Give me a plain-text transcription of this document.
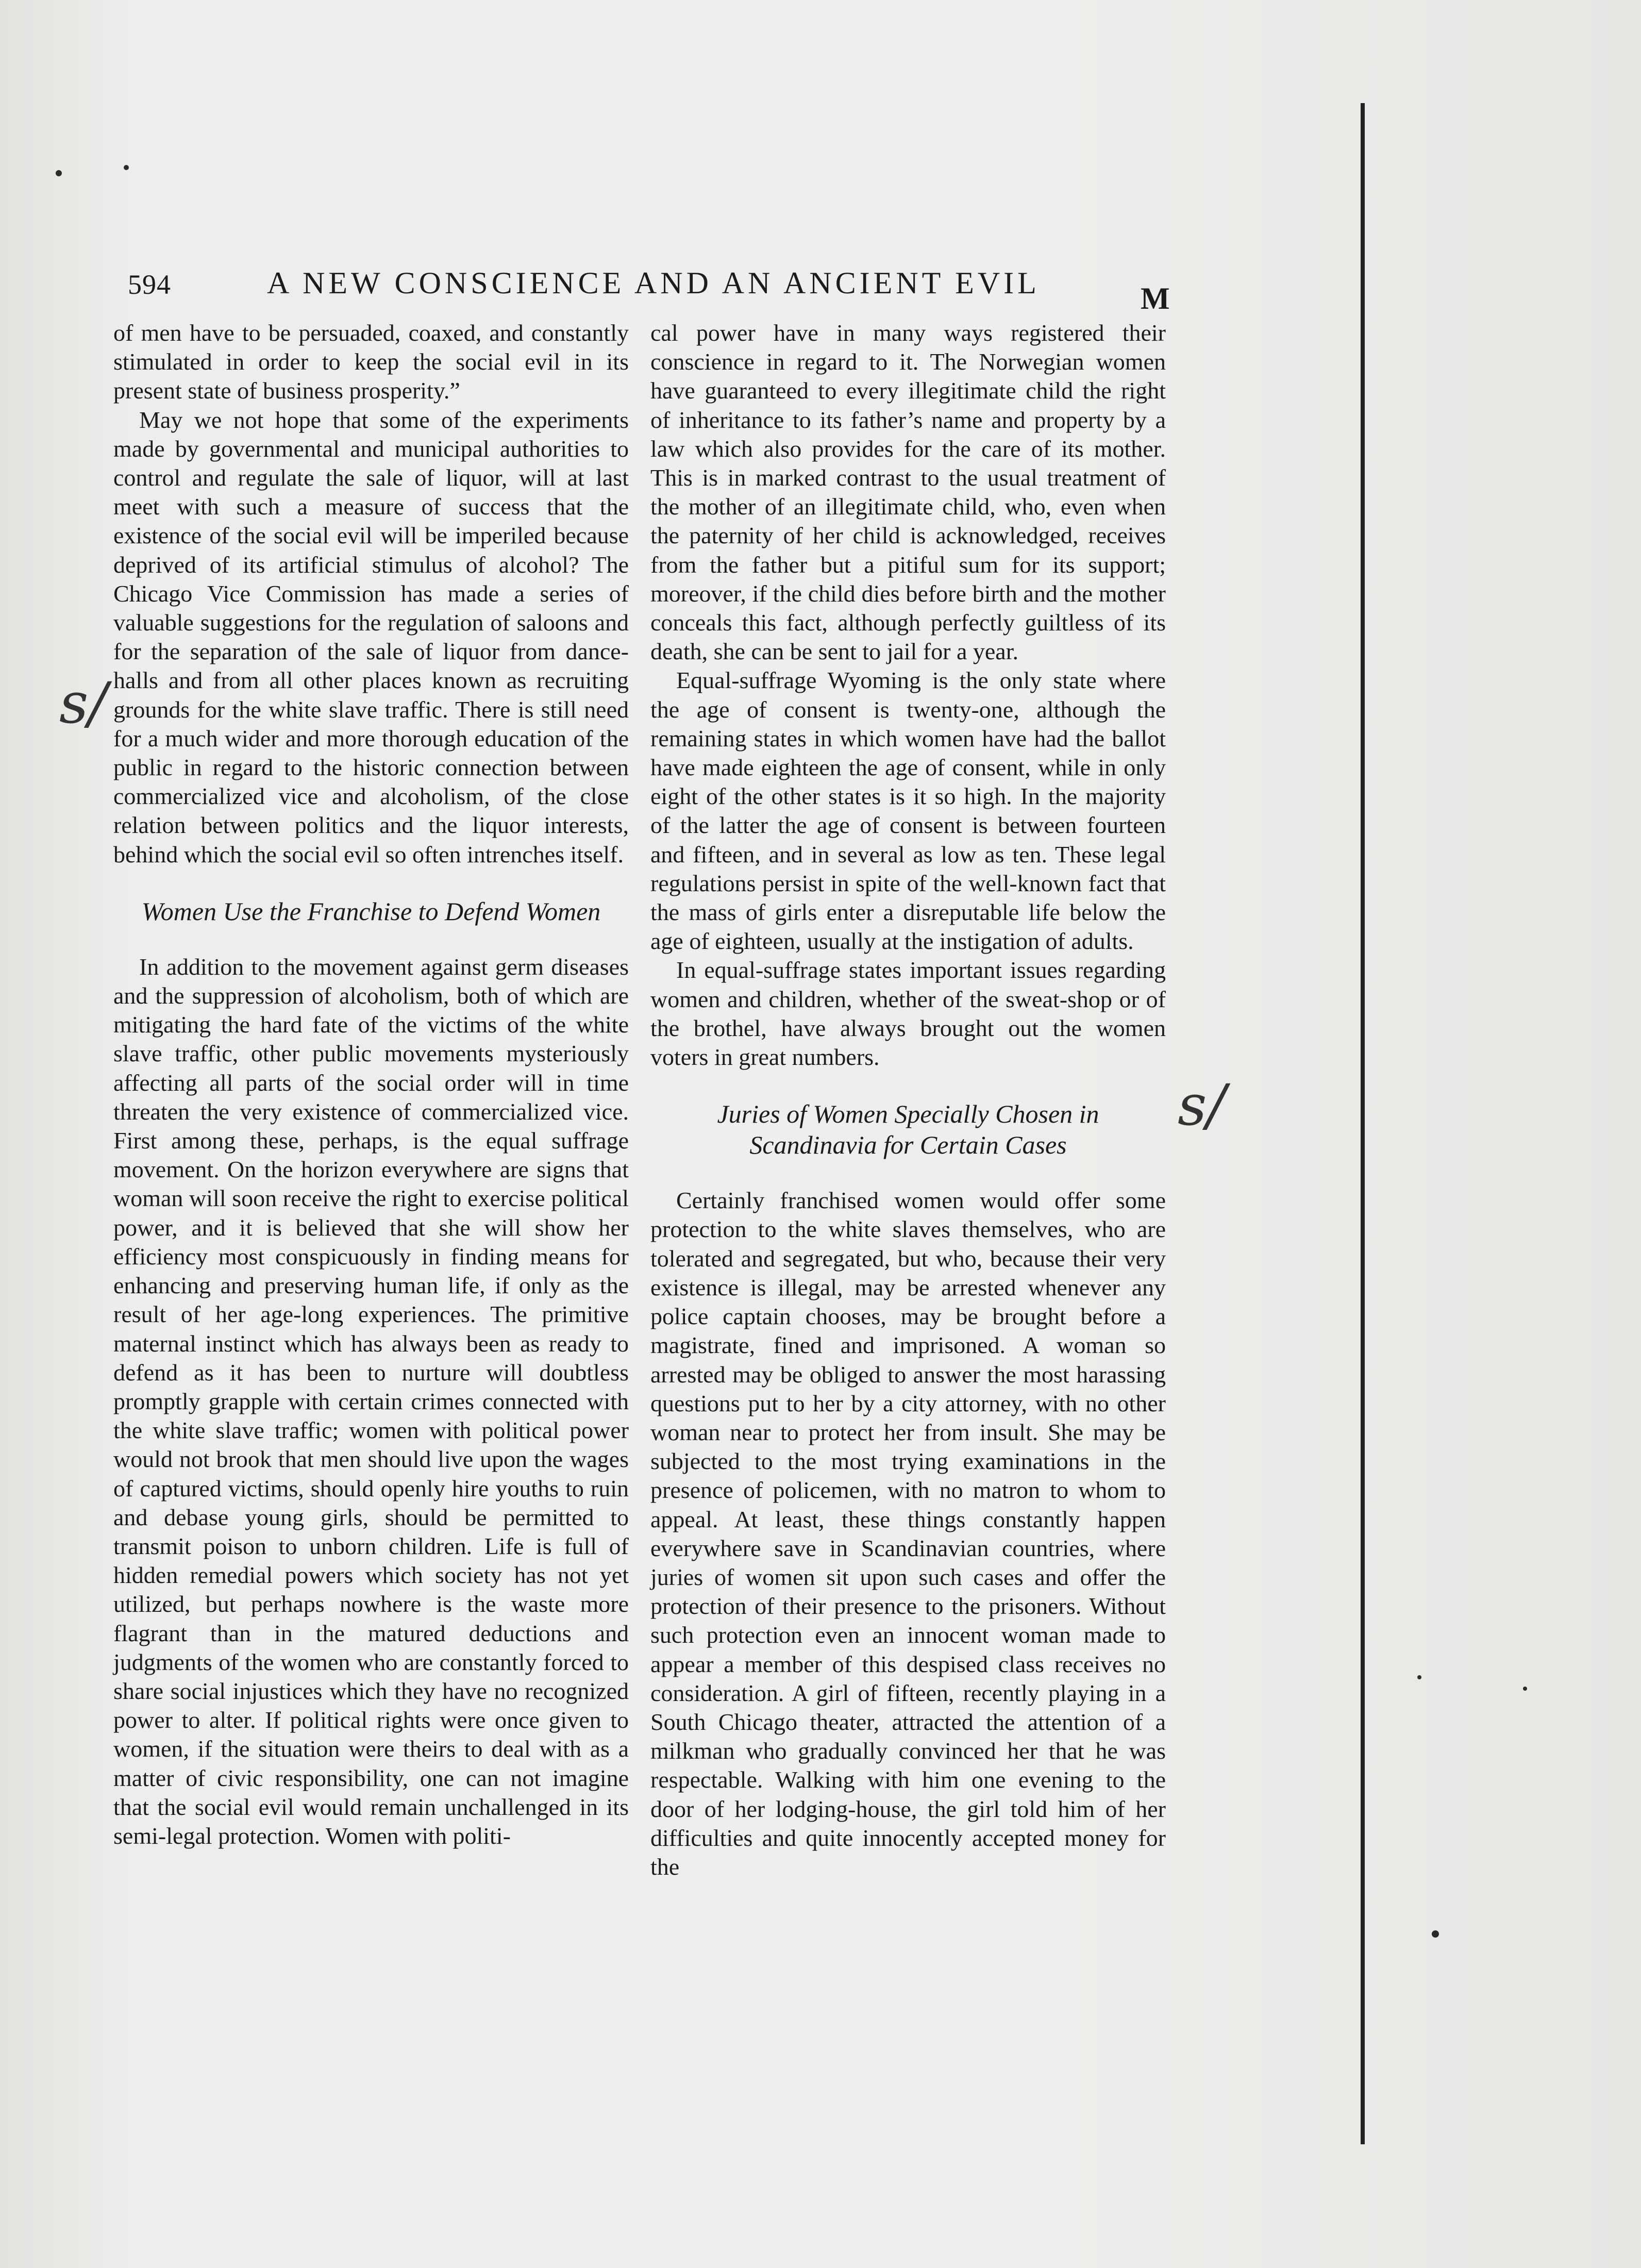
594	A NEW CONSCIENCE AND AN ANCIENT EVIL	M

of men have to be persuaded, coaxed, and constantly stimulated in order to keep the social evil in its present state of business prosperity.”

May we not hope that some of the experiments made by governmental and municipal authorities to control and regulate the sale of liquor, will at last meet with such a measure of success that the existence of the social evil will be imperiled because deprived of its artificial stimulus of alcohol? The Chicago Vice Commission has made a series of valuable suggestions for the regulation of saloons and for the separation of the sale of liquor from dance-halls and from all other places known as recruiting grounds for the white slave traffic. There is still need for a much wider and more thorough education of the public in regard to the historic connection between commercialized vice and alcoholism, of the close relation between politics and the liquor interests, behind which the social evil so often intrenches itself.

Women Use the Franchise to Defend Women

In addition to the movement against germ diseases and the suppression of alcoholism, both of which are mitigating the hard fate of the victims of the white slave traffic, other public movements mysteriously affecting all parts of the social order will in time threaten the very existence of commercialized vice. First among these, perhaps, is the equal suffrage movement. On the horizon everywhere are signs that woman will soon receive the right to exercise political power, and it is believed that she will show her efficiency most conspicuously in finding means for enhancing and preserving human life, if only as the result of her age-long experiences. The primitive maternal instinct which has always been as ready to defend as it has been to nurture will doubtless promptly grapple with certain crimes connected with the white slave traffic; women with political power would not brook that men should live upon the wages of captured victims, should openly hire youths to ruin and debase young girls, should be permitted to transmit poison to unborn children. Life is full of hidden remedial powers which society has not yet utilized, but perhaps nowhere is the waste more flagrant than in the matured deductions and judgments of the women who are constantly forced to share social injustices which they have no recognized power to alter. If political rights were once given to women, if the situation were theirs to deal with as a matter of civic responsibility, one can not imagine that the social evil would remain unchallenged in its semi-legal protection. Women with politi-

cal power have in many ways registered their conscience in regard to it. The Norwegian women have guaranteed to every illegitimate child the right of inheritance to its father’s name and property by a law which also provides for the care of its mother. This is in marked contrast to the usual treatment of the mother of an illegitimate child, who, even when the paternity of her child is acknowledged, receives from the father but a pitiful sum for its support; moreover, if the child dies before birth and the mother conceals this fact, although perfectly guiltless of its death, she can be sent to jail for a year.

Equal-suffrage Wyoming is the only state where the age of consent is twenty-one, although the remaining states in which women have had the ballot have made eighteen the age of consent, while in only eight of the other states is it so high. In the majority of the latter the age of consent is between fourteen and fifteen, and in several as low as ten. These legal regulations persist in spite of the well-known fact that the mass of girls enter a disreputable life below the age of eighteen, usually at the instigation of adults.

In equal-suffrage states important issues regarding women and children, whether of the sweat-shop or of the brothel, have always brought out the women voters in great numbers.

Juries of Women Specially Chosen in Scandinavia for Certain Cases

Certainly franchised women would offer some protection to the white slaves themselves, who are tolerated and segregated, but who, because their very existence is illegal, may be arrested whenever any police captain chooses, may be brought before a magistrate, fined and imprisoned. A woman so arrested may be obliged to answer the most harassing questions put to her by a city attorney, with no other woman near to protect her from insult. She may be subjected to the most trying examinations in the presence of policemen, with no matron to whom to appeal. At least, these things constantly happen everywhere save in Scandinavian countries, where juries of women sit upon such cases and offer the protection of their presence to the prisoners. Without such protection even an innocent woman made to appear a member of this despised class receives no consideration. A girl of fifteen, recently playing in a South Chicago theater, attracted the attention of a milkman who gradually convinced her that he was respectable. Walking with him one evening to the door of her lodging-house, the girl told him of her difficulties and quite innocently accepted money for the

s/
s/
